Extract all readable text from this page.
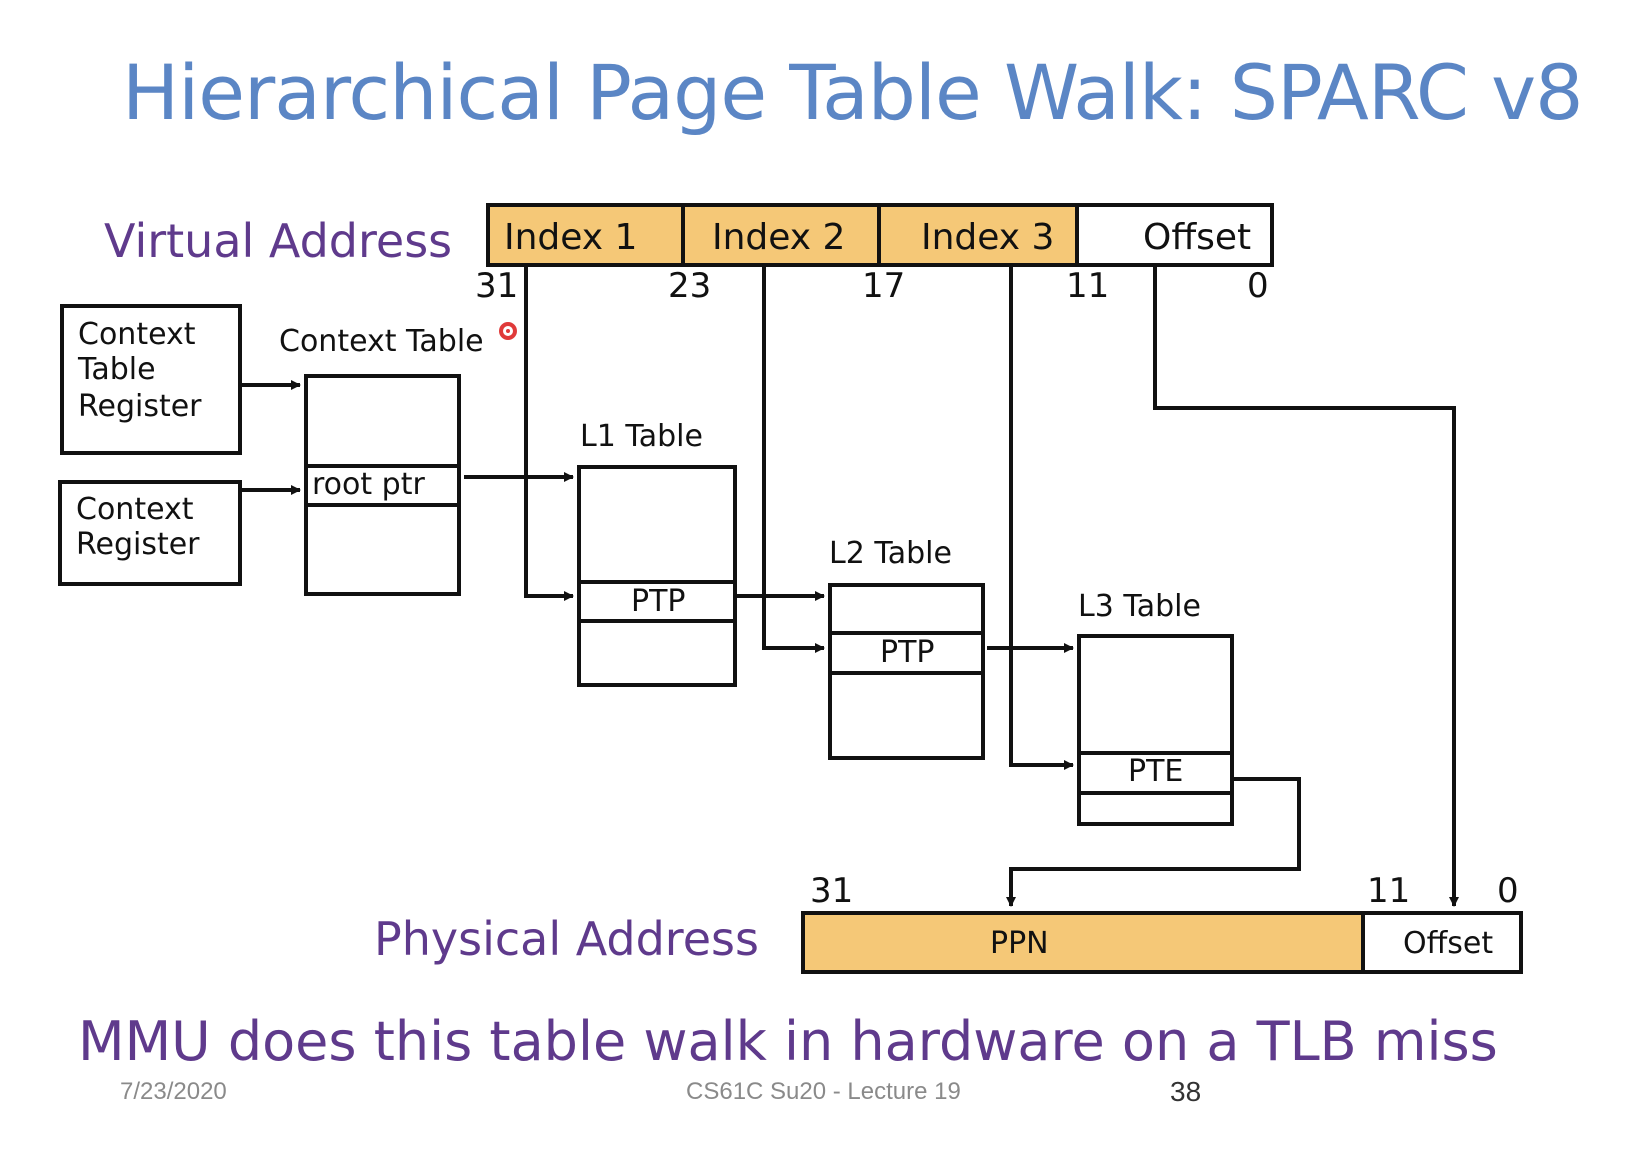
Hierarchical Page Table Walk: SPARC v8
Virtual Address
Physical Address
MMU does this table walk in hardware on a TLB miss
7/23/2020	CS61C Su20 - Lecture 19	38
Index 1 Index 2 Index 3 Offset
31	23	17	11	0
Context
Table
Register
Context
Register
Context Table
root ptr
L1 Table
PTP
L2 Table
PTP
L3 Table
PTE
PPN	Offset
31	11	0
